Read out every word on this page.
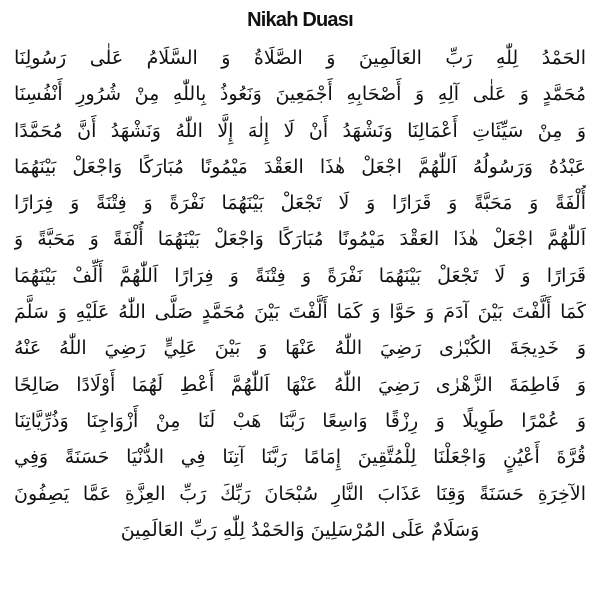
Nikah Duası
الحَمْدُ لِلّٰهِ رَبِّ العَالَمِينَ وَ الصَّلَاةُ وَ السَّلَامُ عَلٰى رَسُولِنَا
مُحَمَّدٍ وَ عَلٰى آلِهِ وَ أَصْحَابِهِ أَجْمَعِينَ وَنَعُوذُ بِاللّٰهِ مِنْ شُرُورِ أَنْفُسِنَا
وَ مِنْ سَيِّئَاتِ أَعْمَالِنَا وَنَشْهَدُ أَنْ لَا إِلٰهَ إِلَّا اللّٰهُ وَنَشْهَدُ أَنَّ مُحَمَّدًا
عَبْدُهُ وَرَسُولُهُ اَللّٰهُمَّ اجْعَلْ هٰذَا العَقْدَ مَيْمُونًا مُبَارَكًا وَاجْعَلْ بَيْنَهُمَا
أُلْفَةً وَ مَحَبَّةً وَ قَرَارًا وَ لَا تَجْعَلْ بَيْنَهُمَا نَفْرَةً وَ فِتْنَةً وَ فِرَارًا
اَللّٰهُمَّ اجْعَلْ هٰذَا العَقْدَ مَيْمُونًا مُبَارَكًا وَاجْعَلْ بَيْنَهُمَا أُلْفَةً وَ مَحَبَّةً وَ
قَرَارًا وَ لَا تَجْعَلْ بَيْنَهُمَا نَفْرَةً وَ فِتْنَةً وَ فِرَارًا اَللّٰهُمَّ أَلِّفْ بَيْنَهُمَا
كَمَا أَلَّفْتَ بَيْنَ آدَمَ وَ حَوَّا وَ كَمَا أَلَّفْتَ بَيْنَ مُحَمَّدٍ صَلَّى اللّٰهُ عَلَيْهِ وَ سَلَّمَ
وَ خَدِيجَةَ الكُبْرٰى رَضِيَ اللّٰهُ عَنْهَا وَ بَيْنَ عَلِيٍّ رَضِيَ اللّٰهُ عَنْهُ
وَ فَاطِمَةَ الزَّهْرٰى رَضِيَ اللّٰهُ عَنْهَا اَللّٰهُمَّ أَعْطِ لَهُمَا أَوْلَادًا صَالِحًا
وَ عُمْرًا طَوِيلًا وَ رِزْقًا وَاسِعًا رَبَّنَا هَبْ لَنَا مِنْ أَزْوَاجِنَا وَذُرِّيَّاتِنَا
قُرَّةَ أَعْيُنٍ وَاجْعَلْنَا لِلْمُتَّقِينَ إِمَامًا رَبَّنَا آتِنَا فِي الدُّنْيَا حَسَنَةً وَفِي
الآخِرَةِ حَسَنَةً وَقِنَا عَذَابَ النَّارِ سُبْحَانَ رَبِّكَ رَبِّ العِزَّةِ عَمَّا يَصِفُونَ
وَسَلَامٌ عَلَى المُرْسَلِينَ وَالحَمْدُ لِلّٰهِ رَبِّ العَالَمِينَ
